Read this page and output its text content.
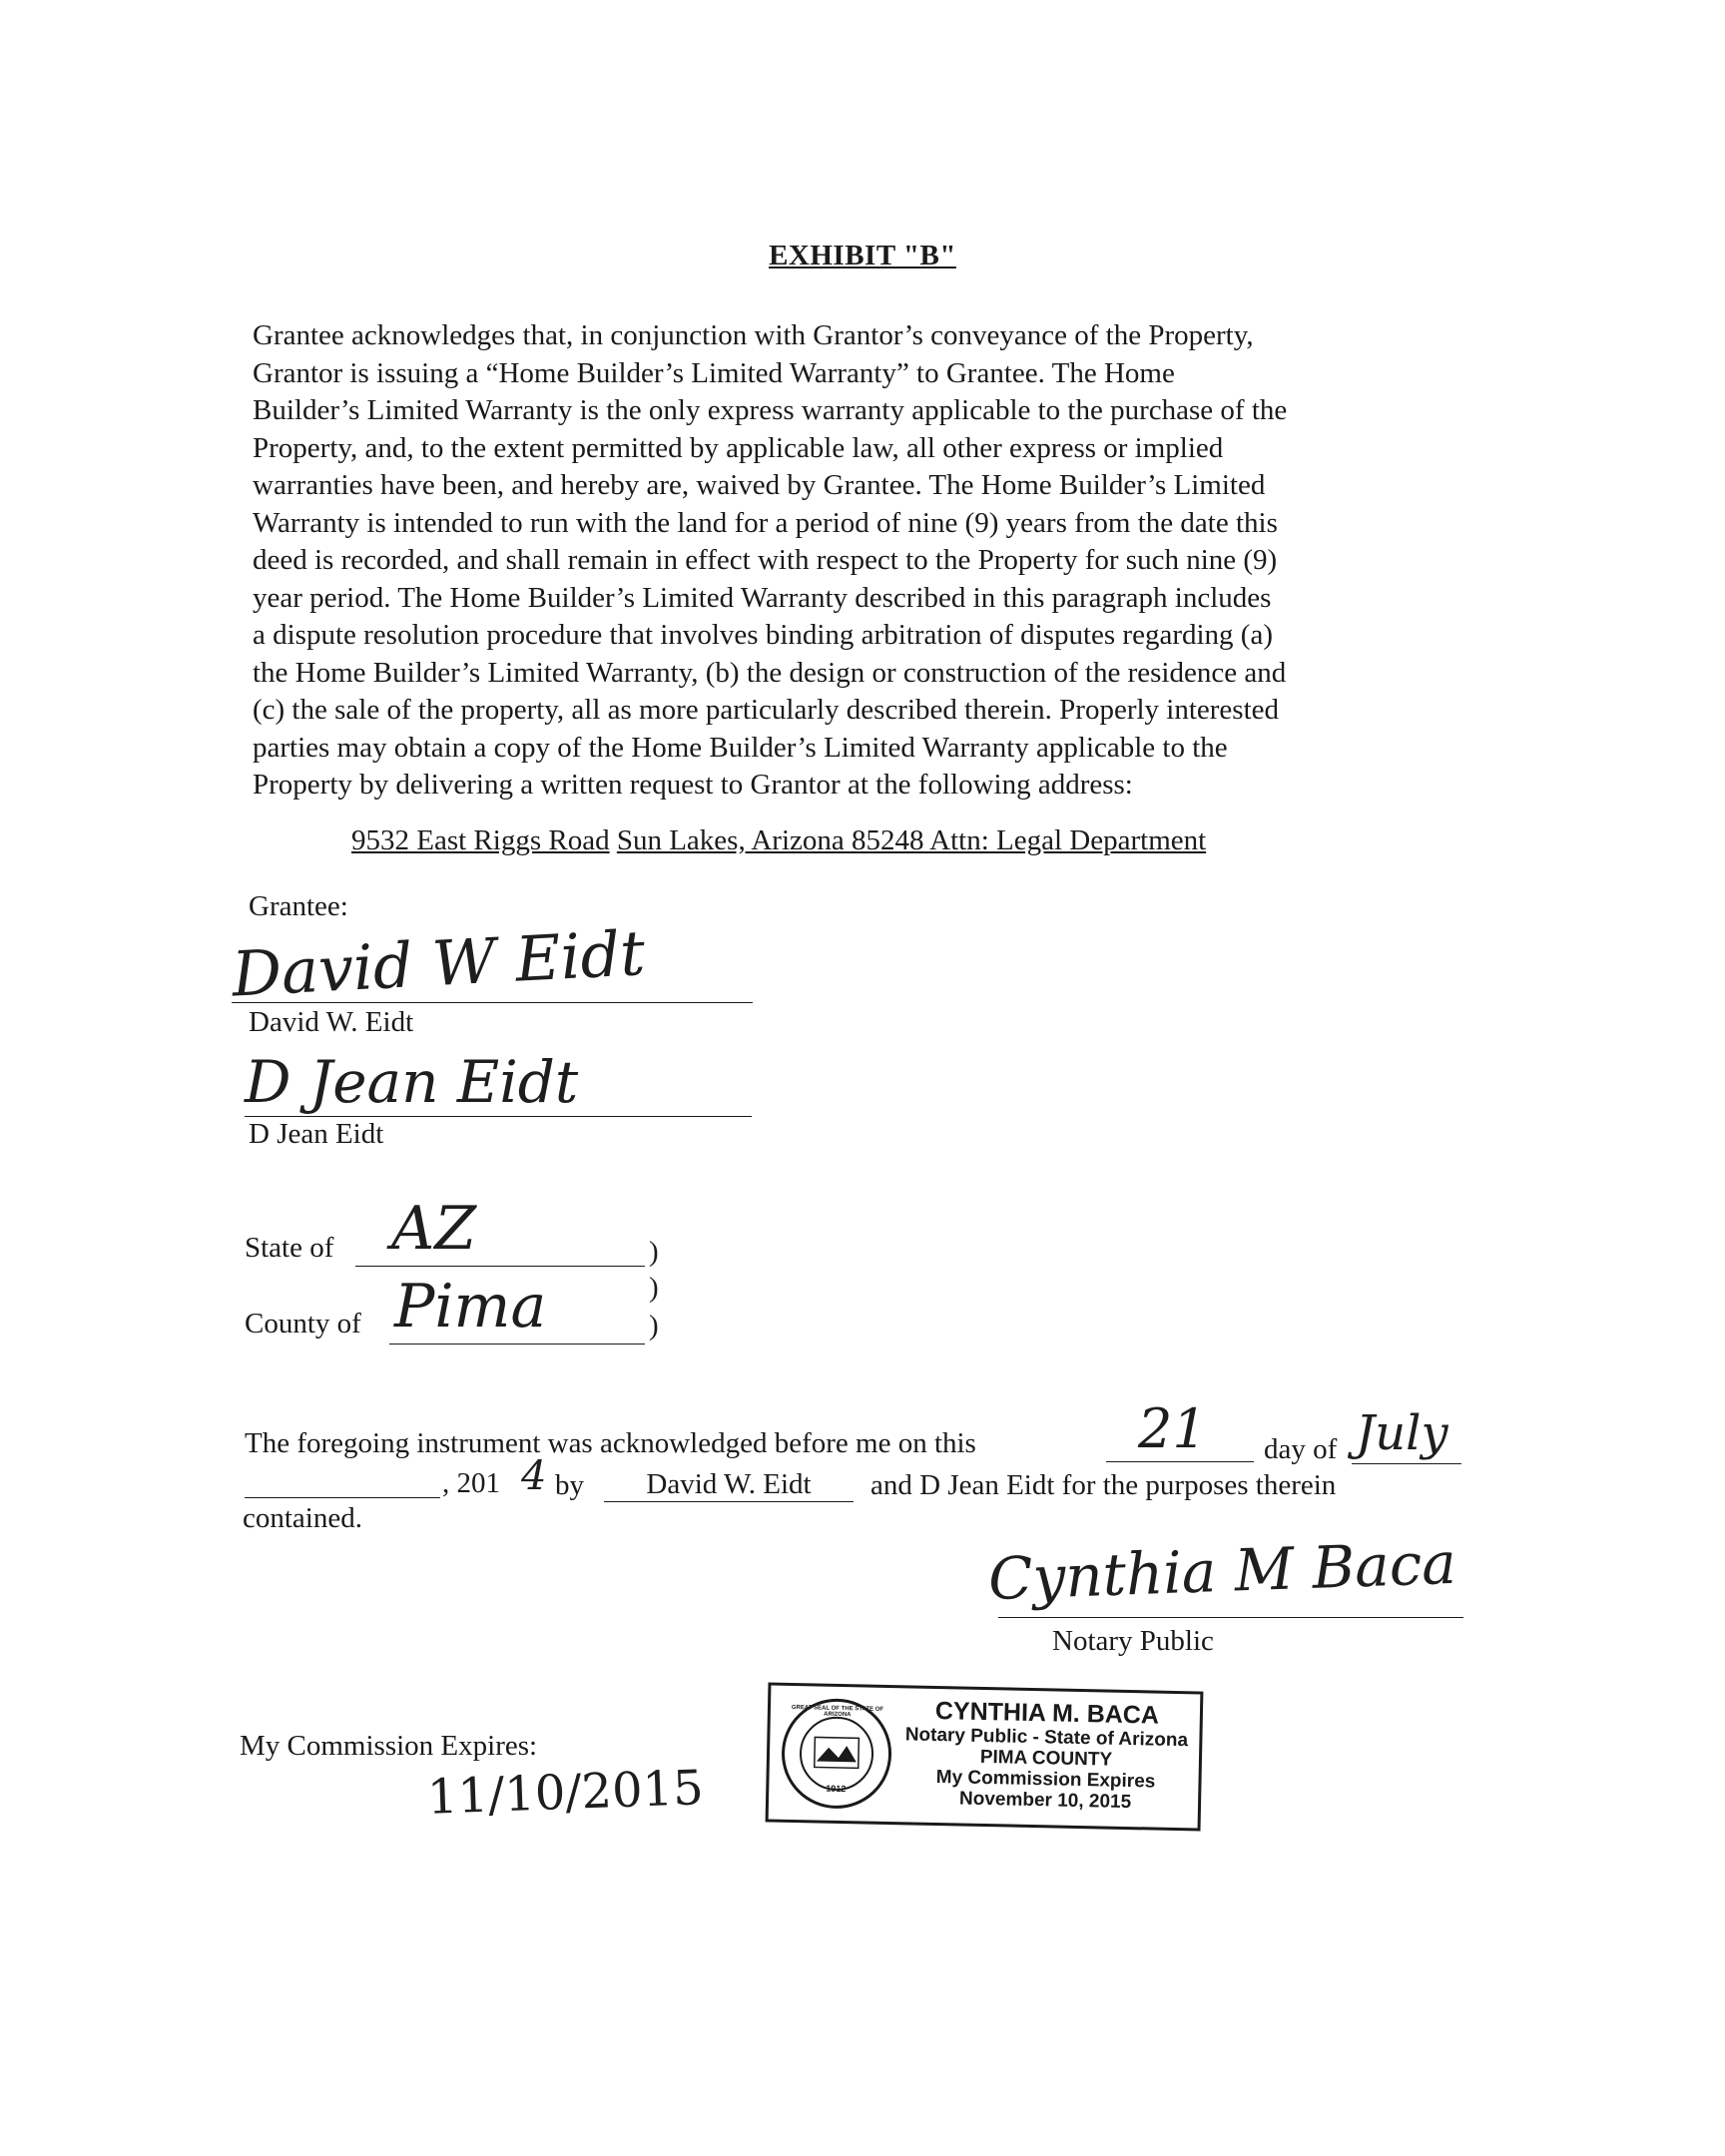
EXHIBIT "B"
Grantee acknowledges that, in conjunction with Grantor’s conveyance of the Property,
Grantor is issuing a “Home Builder’s Limited Warranty” to Grantee. The Home
Builder’s Limited Warranty is the only express warranty applicable to the purchase of the
Property, and, to the extent permitted by applicable law, all other express or implied
warranties have been, and hereby are, waived by Grantee. The Home Builder’s Limited
Warranty is intended to run with the land for a period of nine (9) years from the date this
deed is recorded, and shall remain in effect with respect to the Property for such nine (9)
year period. The Home Builder’s Limited Warranty described in this paragraph includes
a dispute resolution procedure that involves binding arbitration of disputes regarding (a)
the Home Builder’s Limited Warranty, (b) the design or construction of the residence and
(c) the sale of the property, all as more particularly described therein. Properly interested
parties may obtain a copy of the Home Builder’s Limited Warranty applicable to the
Property by delivering a written request to Grantor at the following address:
9532 East Riggs Road Sun Lakes, Arizona 85248 Attn: Legal Department
Grantee:
David W Eidt
David W. Eidt
D Jean Eidt
D Jean Eidt
State of AZ	)
)
County of Pima	)
The foregoing instrument was acknowledged before me on this	21 day of July
, 201 4 by	David W. Eidt	and D Jean Eidt for the purposes therein
contained.
Cynthia M Baca
Notary Public
My Commission Expires:
11/10/2015
GREAT SEAL OF THE STATE OF ARIZONA
1912
CYNTHIA M. BACA
Notary Public - State of Arizona
PIMA COUNTY
My Commission Expires
November 10, 2015
